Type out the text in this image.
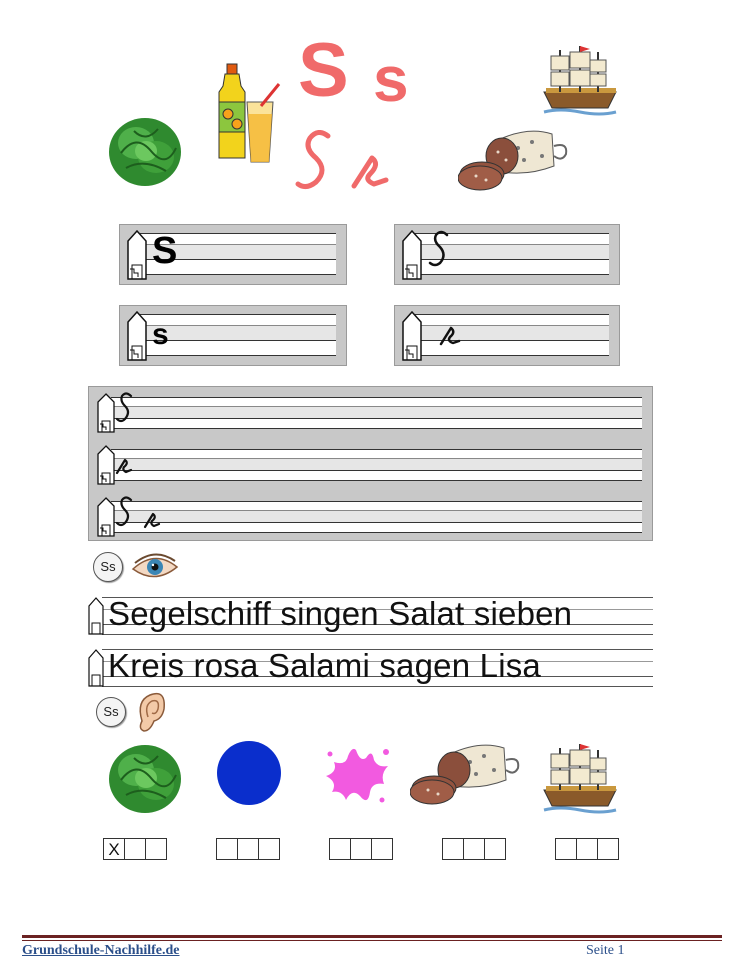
S s
S
s
Ss
Segelschiff singen Salat sieben
Kreis rosa Salami sagen Lisa
Ss
X
Grundschule-Nachhilfe.de	Seite 1
